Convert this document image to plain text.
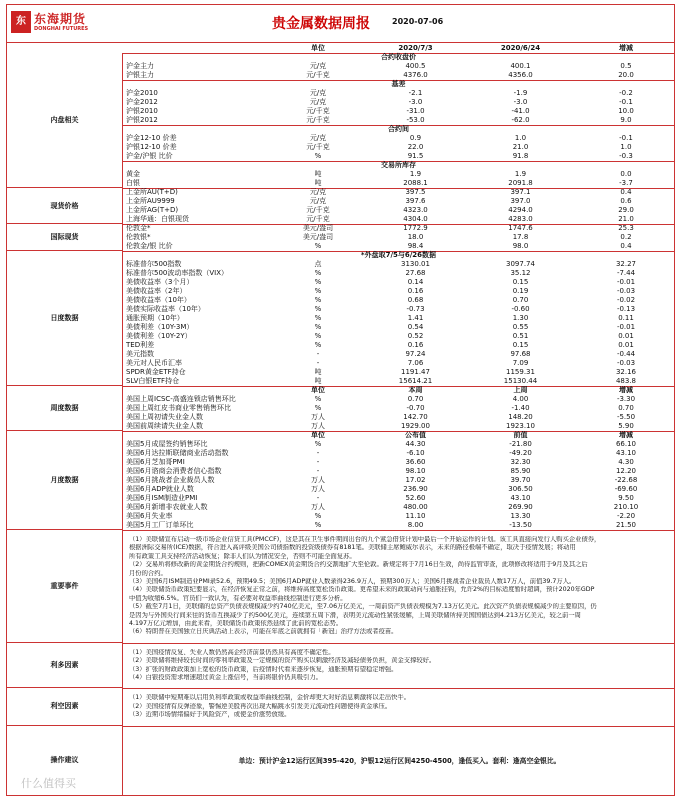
东 东海期货
DONGHAI FUTURES	贵金属数据周报	2020-07-06
单位	2020/7/3	2020/6/24	增减
合约收盘价
沪金主力	元/克	400.5	400.1	0.5
沪银主力	元/千克	4376.0	4356.0	20.0
基差
沪金2010	元/克	-2.1	-1.9	-0.2
沪金2012	元/克	-3.0	-3.0	-0.1
沪银2010	元/千克	-31.0	-41.0	10.0
沪银2012	元/千克	-53.0	-62.0	9.0
合约间
沪金12-10 价差	元/克	0.9	1.0	-0.1
沪银12-10 价差	元/千克	22.0	21.0	1.0
沪金/沪银 比价	%	91.5	91.8	-0.3
交易所库存
黄金	吨	1.9	1.9	0.0
白银	吨	2088.1	2091.8	-3.7
内盘相关
上金所AU(T+D)	元/克	397.5	397.1	0.4
上金所AU9999	元/克	397.6	397.0	0.6
上金所AG(T+D)	元/千克	4323.0	4294.0	29.0
上海华通：白银现货	元/千克	4304.0	4283.0	21.0
现货价格
伦敦金*	美元/盎司	1772.9	1747.6	25.3
伦敦银*	美元/盎司	18.0	17.8	0.2
伦敦金/银 比价	%	98.4	98.0	0.4
国际现货
*外盘取7/5与6/26数据
标准普尔500指数	点	3130.01	3097.74	32.27
标准普尔500波动率指数（VIX）	%	27.68	35.12	-7.44
美债收益率（3个月）	%	0.14	0.15	-0.01
美债收益率（2年）	%	0.16	0.19	-0.03
美债收益率（10年）	%	0.68	0.70	-0.02
美债实际收益率（10年）	%	-0.73	-0.60	-0.13
通胀预期（10年）	%	1.41	1.30	0.11
美债利差（10Y-3M）	%	0.54	0.55	-0.01
美债利差（10Y-2Y）	%	0.52	0.51	0.01
TED利差	%	0.16	0.15	0.01
美元指数	-	97.24	97.68	-0.44
美元对人民币汇率	-	7.06	7.09	-0.03
SPDR黄金ETF持仓	吨	1191.47	1159.31	32.16
SLV白银ETF持仓	吨	15614.21	15130.44	483.8
日度数据
单位	本周	上周	增减
美国上周ICSC-高盛连锁店销售环比	%	0.70	4.00	-3.30
美国上周红皮书商业零售销售环比	%	-0.70	-1.40	0.70
美国上周初请失业金人数	万人	142.70	148.20	-5.50
美国前周续请失业金人数	万人	1929.00	1923.10	5.90
周度数据
单位	公布值	前值	增减
美国5月成屋签约销售环比	%	44.30	-21.80	66.10
美国6月达拉斯联储商业活动指数	-	-6.10	-49.20	43.10
美国6月芝加哥PMI	-	36.60	32.30	4.30
美国6月谘商会消费者信心指数	-	98.10	85.90	12.20
美国6月挑战者企业裁员人数	万人	17.02	39.70	-22.68
美国6月ADP就业人数	万人	236.90	306.50	-69.60
美国6月ISM制造业PMI	-	52.60	43.10	9.50
美国6月新增非农就业人数	万人	480.00	269.90	210.10
美国6月失业率	%	11.10	13.30	-2.20
美国5月工厂订单环比	%	8.00	-13.50	21.50
月度数据
（1）美联储宣布启动一级市场企业信贷工具(PMCCF)，这是其在卫生事件期间出台的九个紧急借贷计划中最后一个开始运作的计划。该工具直接向发行人购买企业债券，
根据洲际交易所(ICE)数据，符合进入高评级美国公司债指数的投资级债券有8181笔。美联储主席鲍威尔表示，未来的路径极端不确定，取决于疫情发展；将动用
所有政策工具支持经济活动恢复；除非人们认为情况安全，否则不可能全面复苏。
（2）交易所将修改新的黄金期货合约规则，把新COMEX黄金期货合约交割地扩大至伦敦。新规定将于7月16日生效，尚待监管审查，此项修改将适用于9月及其之后
月份的合约。
（3）美国6月ISM制造业PMI录52.6，预期49.5；美国6月ADP就业人数录得236.9万人，预期300万人；美国6月挑战者企业裁员人数17万人，前值39.7万人。
（4）美联储货币政策纪要显示，在经济恢复正常之前，将维持高度宽松货币政策。更希望未来的政策动向与通胀挂钩，允许2%的目标适度暂时超调，预计2020年GDP
中值为收缩6.5%。官员们一致认为，有必要对收益率曲线控制进行更多分析。
（5）截至7月1日，美联储的总资产负债表规模减少约740亿美元，至7.06万亿美元，一周前资产负债表规模为7.13万亿美元。此次资产负债表规模减少的主要原因，仍
是因为与外国央行间来往的货币互换减少了约500亿美元，连续第五周下滑，表明美元流动性紧张缓解，上周美联储所持美国国债达到4.213万亿美元，较之前一周
4.197万亿元增加，由此来看，美联储货币政策依然延续了此前的宽松态势。
（6）特朗普在美国独立日庆典活动上表示，可能在年底之前就拥有「新冠」治疗方法或者疫苗。
重要事件
（1）美国疫情反复、失业人数仍然高企经济前景仍然具有高度不确定性。
（2）美联储将维持较长时间的零利率政策及一定规模的资产购买以刺激经济及减轻债务负担，黄金支撑较好。
（3）扩张的财政政策加上宽松的货币政策，后疫情时代看来逐步恢复，通胀预期有望稳定增强。
（4）白银投资需求增速超过黄金上涨信号，当前将银价仍具吸引力。
利多因素
（1）美联储中短期难以启用负利率政策或收益率曲线控制，金价却更大对好消息刺激将以走出快牛。
（2）美国疫情有反弹迹象，警惕逆美股再次出现大幅跳水引发美元流动性问题使得黄金承压。
（3）近期市场情绪偏好于风险资产，或使金价涨势放缓。
利空因素
单边：预计沪金12运行区间395-420，沪银12运行区间4250-4500，逢低买入。套利：逢高空金银比。
操作建议
什么值得买
